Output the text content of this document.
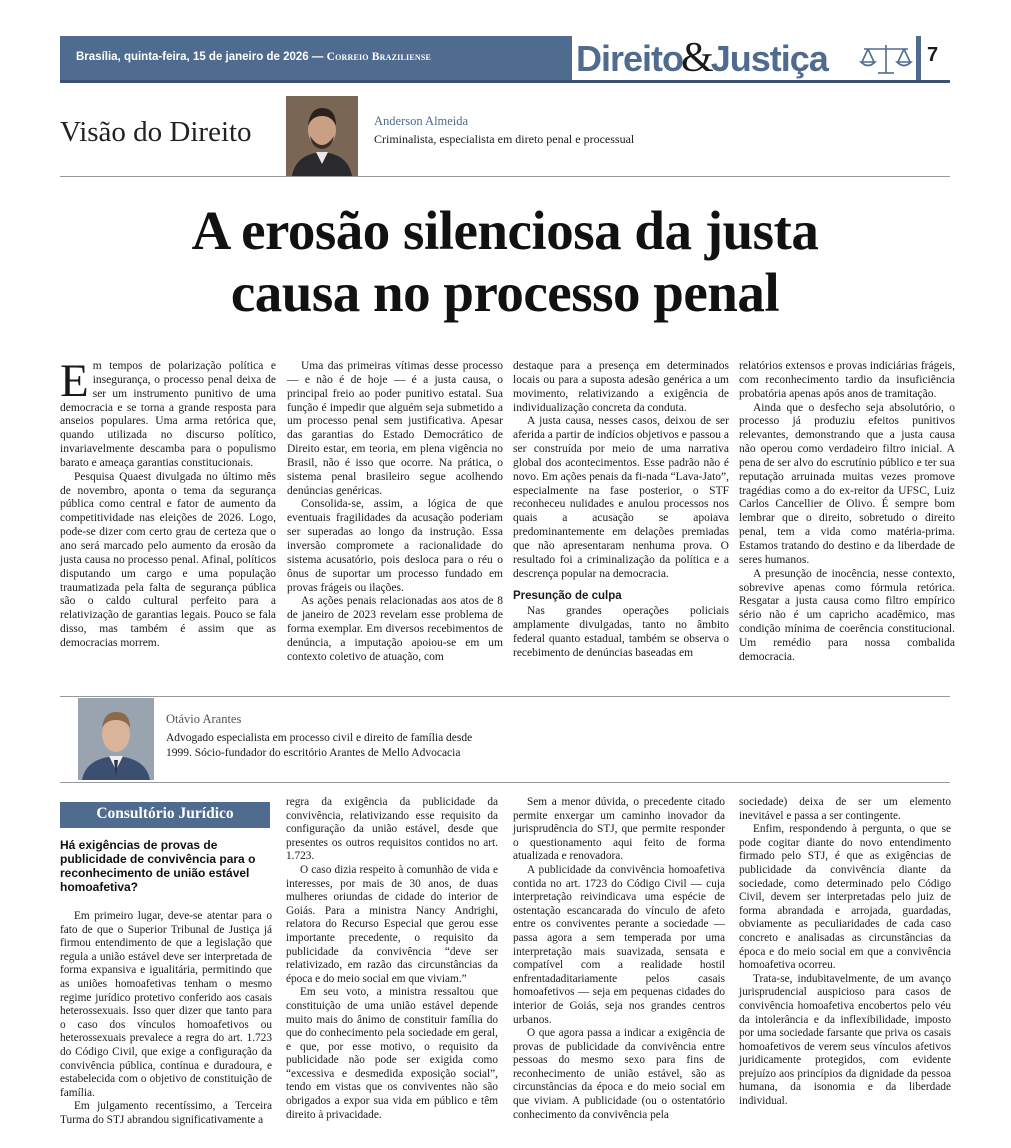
Brasília, quinta-feira, 15 de janeiro de 2026 — Correio Braziliense	Direito&Justiça	7
Visão do Direito	Anderson Almeida
Criminalista, especialista em direto penal e processual
A erosão silenciosa da justa
causa no processo penal

Em tempos de polarização política e insegurança, o processo penal deixa de ser um instrumento punitivo de uma democracia e se torna a grande resposta para anseios populares. Uma arma retórica que, quando utilizada no discurso político, invariavelmente descamba para o populismo barato e ameaça garantias constitucionais.

Pesquisa Quaest divulgada no último mês de novembro, aponta o tema da segurança pública como central e fator de aumento da competitividade nas eleições de 2026. Logo, pode-se dizer com certo grau de certeza que o ano será marcado pelo aumento da erosão da justa causa no processo penal. Afinal, políticos disputando um cargo e uma população traumatizada pela falta de segurança pública são o caldo cultural perfeito para a relativização de garantias legais. Pouco se fala disso, mas também é assim que as democracias morrem.

Uma das primeiras vítimas desse processo — e não é de hoje — é a justa causa, o principal freio ao poder punitivo estatal. Sua função é impedir que alguém seja submetido a um processo penal sem justificativa. Apesar das garantias do Estado Democrático de Direito estar, em teoria, em plena vigência no Brasil, não é isso que ocorre. Na prática, o sistema penal brasileiro segue acolhendo denúncias genéricas.

Consolida-se, assim, a lógica de que eventuais fragilidades da acusação poderiam ser superadas ao longo da instrução. Essa inversão compromete a racionalidade do sistema acusatório, pois desloca para o réu o ônus de suportar um processo fundado em provas frágeis ou ilações.

As ações penais relacionadas aos atos de 8 de janeiro de 2023 revelam esse problema de forma exemplar. Em diversos recebimentos de denúncia, a imputação apoiou-se em um contexto coletivo de atuação, com

destaque para a presença em determinados locais ou para a suposta adesão genérica a um movimento, relativizando a exigência de individualização concreta da conduta.

A justa causa, nesses casos, deixou de ser aferida a partir de indícios objetivos e passou a ser construída por meio de uma narrativa global dos acontecimentos. Esse padrão não é novo. Em ações penais da fi-nada “Lava-Jato”, especialmente na fase posterior, o STF reconheceu nulidades e anulou processos nos quais a acusação se apoiava predominantemente em delações premiadas que não apresentaram nenhuma prova. O resultado foi a criminalização da política e a descrença popular na democracia.

Presunção de culpa

Nas grandes operações policiais amplamente divulgadas, tanto no âmbito federal quanto estadual, também se observa o recebimento de denúncias baseadas em

relatórios extensos e provas indiciárias frágeis, com reconhecimento tardio da insuficiência probatória apenas após anos de tramitação.

Ainda que o desfecho seja absolutório, o processo já produziu efeitos punitivos relevantes, demonstrando que a justa causa não operou como verdadeiro filtro inicial. A pena de ser alvo do escrutínio público e ter sua reputação arruinada muitas vezes promove tragédias como a do ex-reitor da UFSC, Luiz Carlos Cancellier de Olivo. É sempre bom lembrar que o direito, sobretudo o direito penal, tem a vida como matéria-prima. Estamos tratando do destino e da liberdade de seres humanos.

A presunção de inocência, nesse contexto, sobrevive apenas como fórmula retórica. Resgatar a justa causa como filtro empírico sério não é um capricho acadêmico, mas condição mínima de coerência constitucional. Um remédio para nossa combalida democracia.

Otávio Arantes
Advogado especialista em processo civil e direito de família desde 1999. Sócio-fundador do escritório Arantes de Mello Advocacia
Consultório Jurídico
Há exigências de provas de publicidade de convivência para o reconhecimento de união estável homoafetiva?

Em primeiro lugar, deve-se atentar para o fato de que o Superior Tribunal de Justiça já firmou entendimento de que a legislação que regula a união estável deve ser interpretada de forma expansiva e igualitária, permitindo que as uniões homoafetivas tenham o mesmo regime jurídico protetivo conferido aos casais heterossexuais. Isso quer dizer que tanto para o caso dos vínculos homoafetivos ou heterossexuais prevalece a regra do art. 1.723 do Código Civil, que exige a configuração da convivência pública, contínua e duradoura, e estabelecida com o objetivo de constituição de família.

Em julgamento recentíssimo, a Terceira Turma do STJ abrandou significativamente a

regra da exigência da publicidade da convivência, relativizando esse requisito da configuração da união estável, desde que presentes os outros requisitos contidos no art. 1.723.

O caso dizia respeito à comunhão de vida e interesses, por mais de 30 anos, de duas mulheres oriundas de cidade do interior de Goiás. Para a ministra Nancy Andrighi, relatora do Recurso Especial que gerou esse importante precedente, o requisito da publicidade da convivência “deve ser relativizado, em razão das circunstâncias da época e do meio social em que viviam.”

Em seu voto, a ministra ressaltou que constituição de uma união estável depende muito mais do ânimo de constituir família do que do conhecimento pela sociedade em geral, e que, por esse motivo, o requisito da publicidade não pode ser exigida como “excessiva e desmedida exposição social”, tendo em vistas que os conviventes não são obrigados a expor sua vida em público e têm direito à privacidade.

Sem a menor dúvida, o precedente citado permite enxergar um caminho inovador da jurisprudência do STJ, que permite responder o questionamento aqui feito de forma atualizada e renovadora.

A publicidade da convivência homoafetiva contida no art. 1723 do Código Civil — cuja interpretação reivindicava uma espécie de ostentação escancarada do vínculo de afeto entre os conviventes perante a sociedade — passa agora a sem temperada por uma interpretação mais suavizada, sensata e compatível com a realidade hostil enfrentadaditariamente pelos casais homoafetivos — seja em pequenas cidades do interior de Goiás, seja nos grandes centros urbanos.

O que agora passa a indicar a exigência de provas de publicidade da convivência entre pessoas do mesmo sexo para fins de reconhecimento de união estável, são as circunstâncias da época e do meio social em que viviam. A publicidade (ou o ostentatório conhecimento da convivência pela

sociedade) deixa de ser um elemento inevitável e passa a ser contingente.

Enfim, respondendo à pergunta, o que se pode cogitar diante do novo entendimento firmado pelo STJ, é que as exigências de publicidade da convivência diante da sociedade, como determinado pelo Código Civil, devem ser interpretadas pelo juiz de forma abrandada e arrojada, guardadas, obviamente as peculiaridades de cada caso concreto e analisadas as circunstâncias da época e do meio social em que a convivência homoafetiva ocorreu.

Trata-se, indubitavelmente, de um avanço jurisprudencial auspicioso para casos de convivência homoafetiva encobertos pelo véu da intolerância e da inflexibilidade, imposto por uma sociedade farsante que priva os casais homoafetivos de verem seus vínculos afetivos juridicamente protegidos, com evidente prejuízo aos princípios da dignidade da pessoa humana, da isonomia e da liberdade individual.
